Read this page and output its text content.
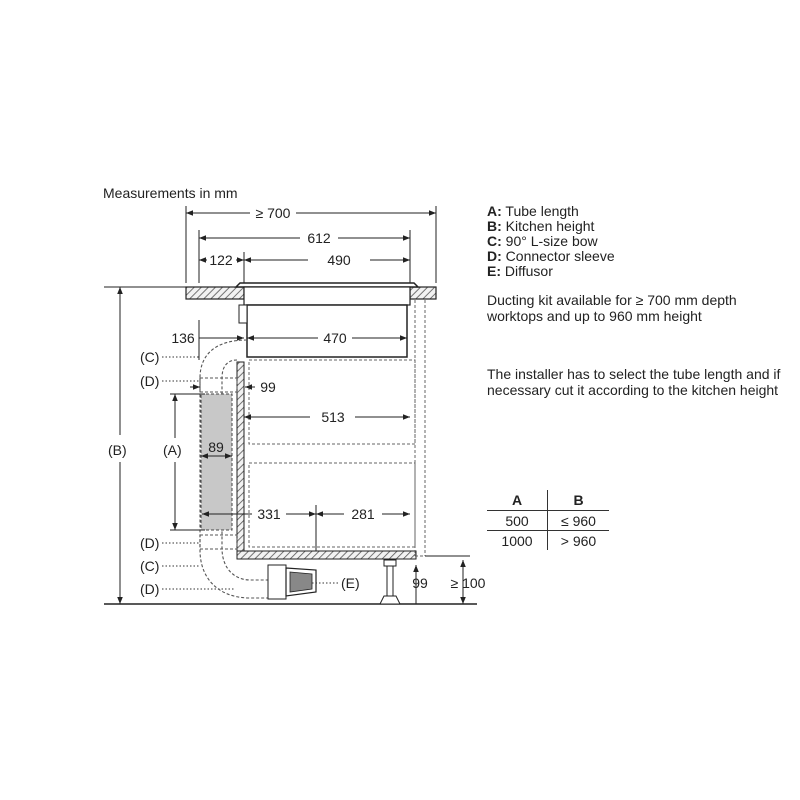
Measurements in mm
≥ 700
612
122	490
470
136
99
513
89
331	281
99 ≥ 100
(C)
(D)
(A)
(B)
(D)
(C)
(D)	(E)
A: Tube length
B: Kitchen height
C: 90° L-size bow
D: Connector sleeve
E: Diffusor
Ducting kit available for ≥ 700 mm depth worktops and up to 960 mm height
The installer has to select the tube length and if necessary cut it according to the kitchen height
A	B
500	≤ 960
1000	> 960
